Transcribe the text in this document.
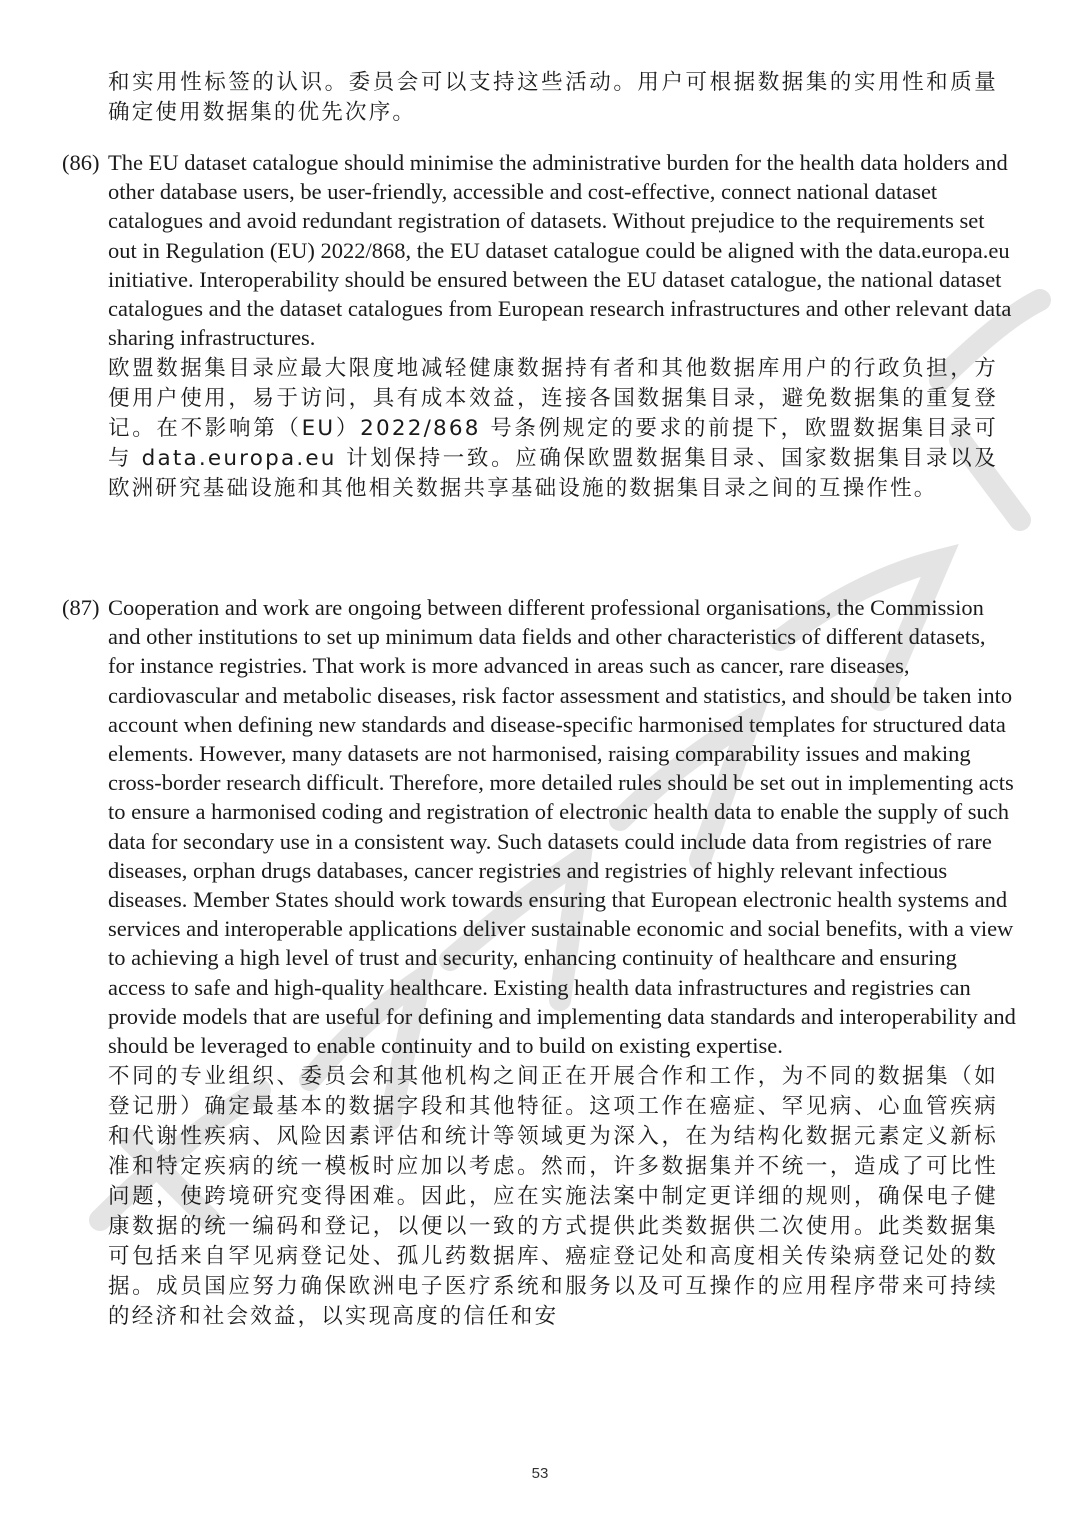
和实用性标签的认识。委员会可以支持这些活动。用户可根据数据集的实用性和质量确定使用数据集的优先次序。

(86) The EU dataset catalogue should minimise the administrative burden for the health data holders and other database users, be user-friendly, accessible and cost-effective, connect national dataset catalogues and avoid redundant registration of datasets. Without prejudice to the requirements set out in Regulation (EU) 2022/868, the EU dataset catalogue could be aligned with the data.europa.eu initiative. Interoperability should be ensured between the EU dataset catalogue, the national dataset catalogues and the dataset catalogues from European research infrastructures and other relevant data sharing infrastructures.

欧盟数据集目录应最大限度地减轻健康数据持有者和其他数据库用户的行政负担，方便用户使用，易于访问，具有成本效益，连接各国数据集目录，避免数据集的重复登记。在不影响第（EU）2022/868 号条例规定的要求的前提下，欧盟数据集目录可与 data.europa.eu 计划保持一致。应确保欧盟数据集目录、国家数据集目录以及欧洲研究基础设施和其他相关数据共享基础设施的数据集目录之间的互操作性。

(87) Cooperation and work are ongoing between different professional organisations, the Commission and other institutions to set up minimum data fields and other characteristics of different datasets, for instance registries. That work is more advanced in areas such as cancer, rare diseases, cardiovascular and metabolic diseases, risk factor assessment and statistics, and should be taken into account when defining new standards and disease-specific harmonised templates for structured data elements. However, many datasets are not harmonised, raising comparability issues and making cross-border research difficult. Therefore, more detailed rules should be set out in implementing acts to ensure a harmonised coding and registration of electronic health data to enable the supply of such data for secondary use in a consistent way. Such datasets could include data from registries of rare diseases, orphan drugs databases, cancer registries and registries of highly relevant infectious diseases. Member States should work towards ensuring that European electronic health systems and services and interoperable applications deliver sustainable economic and social benefits, with a view to achieving a high level of trust and security, enhancing continuity of healthcare and ensuring access to safe and high-quality healthcare. Existing health data infrastructures and registries can provide models that are useful for defining and implementing data standards and interoperability and should be leveraged to enable continuity and to build on existing expertise.

不同的专业组织、委员会和其他机构之间正在开展合作和工作，为不同的数据集（如登记册）确定最基本的数据字段和其他特征。这项工作在癌症、罕见病、心血管疾病和代谢性疾病、风险因素评估和统计等领域更为深入，在为结构化数据元素定义新标准和特定疾病的统一模板时应加以考虑。然而，许多数据集并不统一，造成了可比性问题，使跨境研究变得困难。因此，应在实施法案中制定更详细的规则，确保电子健康数据的统一编码和登记，以便以一致的方式提供此类数据供二次使用。此类数据集可包括来自罕见病登记处、孤儿药数据库、癌症登记处和高度相关传染病登记处的数据。成员国应努力确保欧洲电子医疗系统和服务以及可互操作的应用程序带来可持续的经济和社会效益，以实现高度的信任和安

53
